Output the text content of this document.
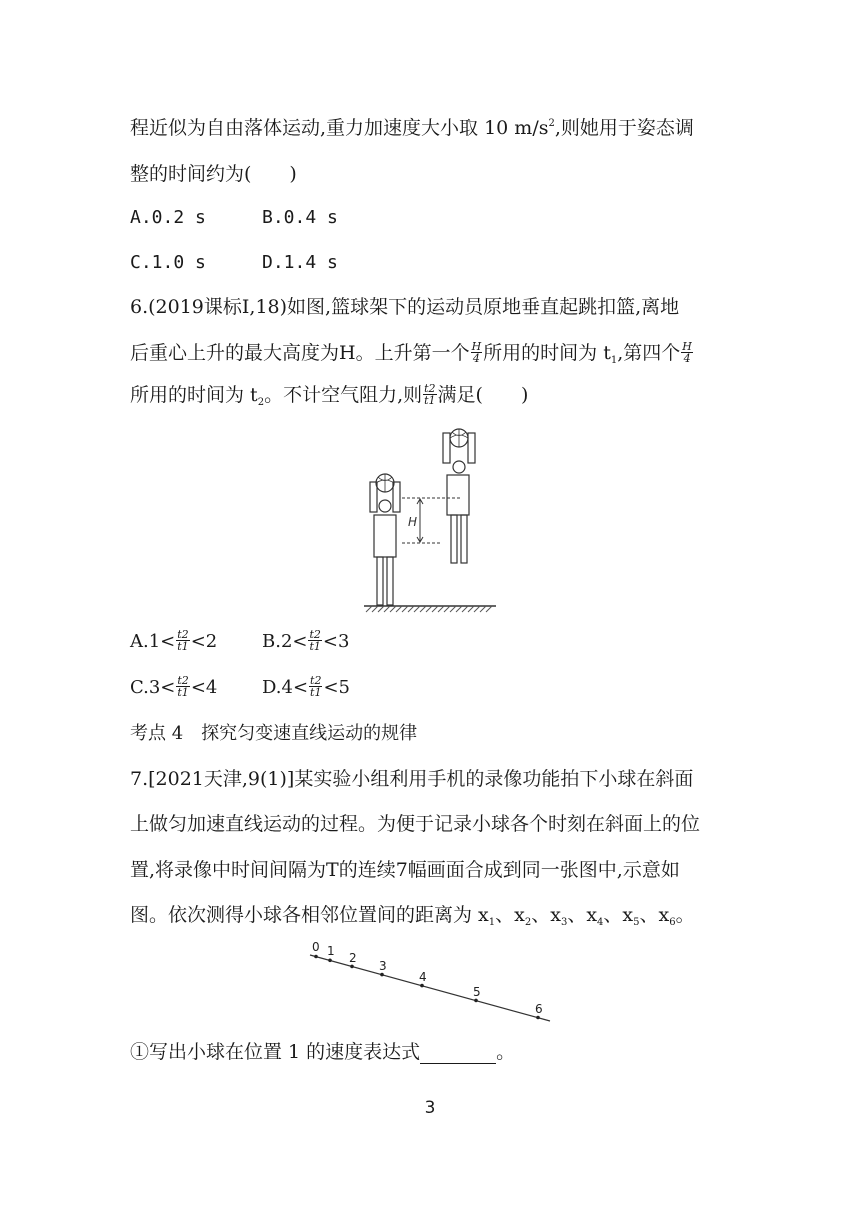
程近似为自由落体运动,重力加速度大小取 10 $m/s^2$,则她用于姿态调
整的时间约为(　　)
A.0.2 s	B.0.4 s
C.1.0 s	D.1.4 s
6.(2019课标Ⅰ,18)如图,篮球架下的运动员原地垂直起跳扣篮,离地
后重心上升的最大高度为H。上升第一个 $\frac{H}{4}$ 所用的时间为 $t_1$,第四个 $\frac{H}{4}$
所用的时间为 $t_2$。不计空气阻力,则 $\frac{t2}{t1}$ 满足(　　)
H
$A.1< \frac{t2}{t1} <2$ $B.2< \frac{t2}{t1} <3$
$C.3< \frac{t2}{t1} <4$ $D.4< \frac{t2}{t1} <5$
考点 4　探究匀变速直线运动的规律
7.[2021天津,9(1)]某实验小组利用手机的录像功能拍下小球在斜面
上做匀加速直线运动的过程。为便于记录小球各个时刻在斜面上的位
置,将录像中时间间隔为T的连续7幅画面合成到同一张图中,示意如
图。依次测得小球各相邻位置间的距离为 $x_1$、$x_2$、$x_3$、$x_4$、$x_5$、$x_6$。
0 1 2
3
4
5
6
①写出小球在位置 1 的速度表达式	。
3
